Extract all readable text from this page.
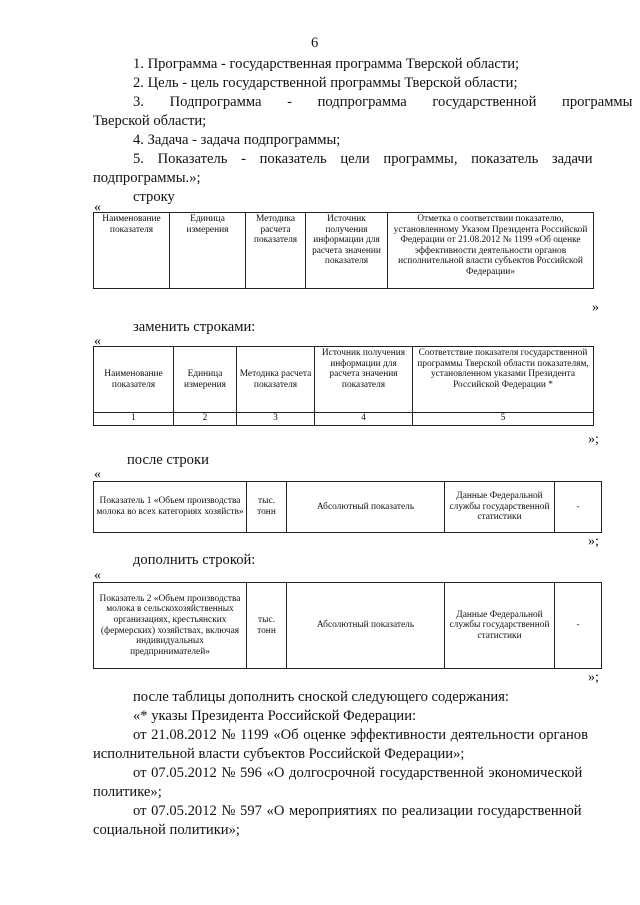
6
1. Программа - государственная программа Тверской области;
2. Цель - цель государственной программы Тверской области;
3. Подпрограмма - подпрограмма государственной программы
Тверской области;
4. Задача - задача подпрограммы;
5. Показатель - показатель цели программы, показатель задачи
подпрограммы.»;
строку
«
Наименование показателя	Единица измерения	Методика расчета показателя	Источник получения информации для расчета значении показателя	Отметка о соответствии показателю, установленному Указом Президента Российской Федерации от 21.08.2012 № 1199 «Об оценке эффективности деятельности органов исполнительной власти субъектов Российской Федерации»
»
заменить строками:
«
Наименование показателя	Единица измерения	Методика расчета показателя	Источник получения информации для расчета значения показателя	Соответствие показателя государственной программы Тверской области показателям, установленном указами Президента Российской Федерации *
1	2	3	4	5
»;
после строки
«
Показатель 1 «Объем производства молока во всех категориях хозяйств»	тыс. тонн	Абсолютный показатель	Данные Федеральной службы государственной статистики	-
»;
дополнить строкой:
«
Показатель 2 «Объем производства молока в сельскохозяйственных организациях, крестьянских (фермерских) хозяйствах, включая индивидуальных предпринимателей»	тыс. тонн	Абсолютный показатель	Данные Федеральной службы государственной статистики	-
»;
после таблицы дополнить сноской следующего содержания:
«* указы Президента Российской Федерации:
от 21.08.2012 № 1199 «Об оценке эффективности деятельности органов
исполнительной власти субъектов Российской Федерации»;
от 07.05.2012 № 596 «О долгосрочной государственной экономической
политике»;
от 07.05.2012 № 597 «О мероприятиях по реализации государственной
социальной политики»;
